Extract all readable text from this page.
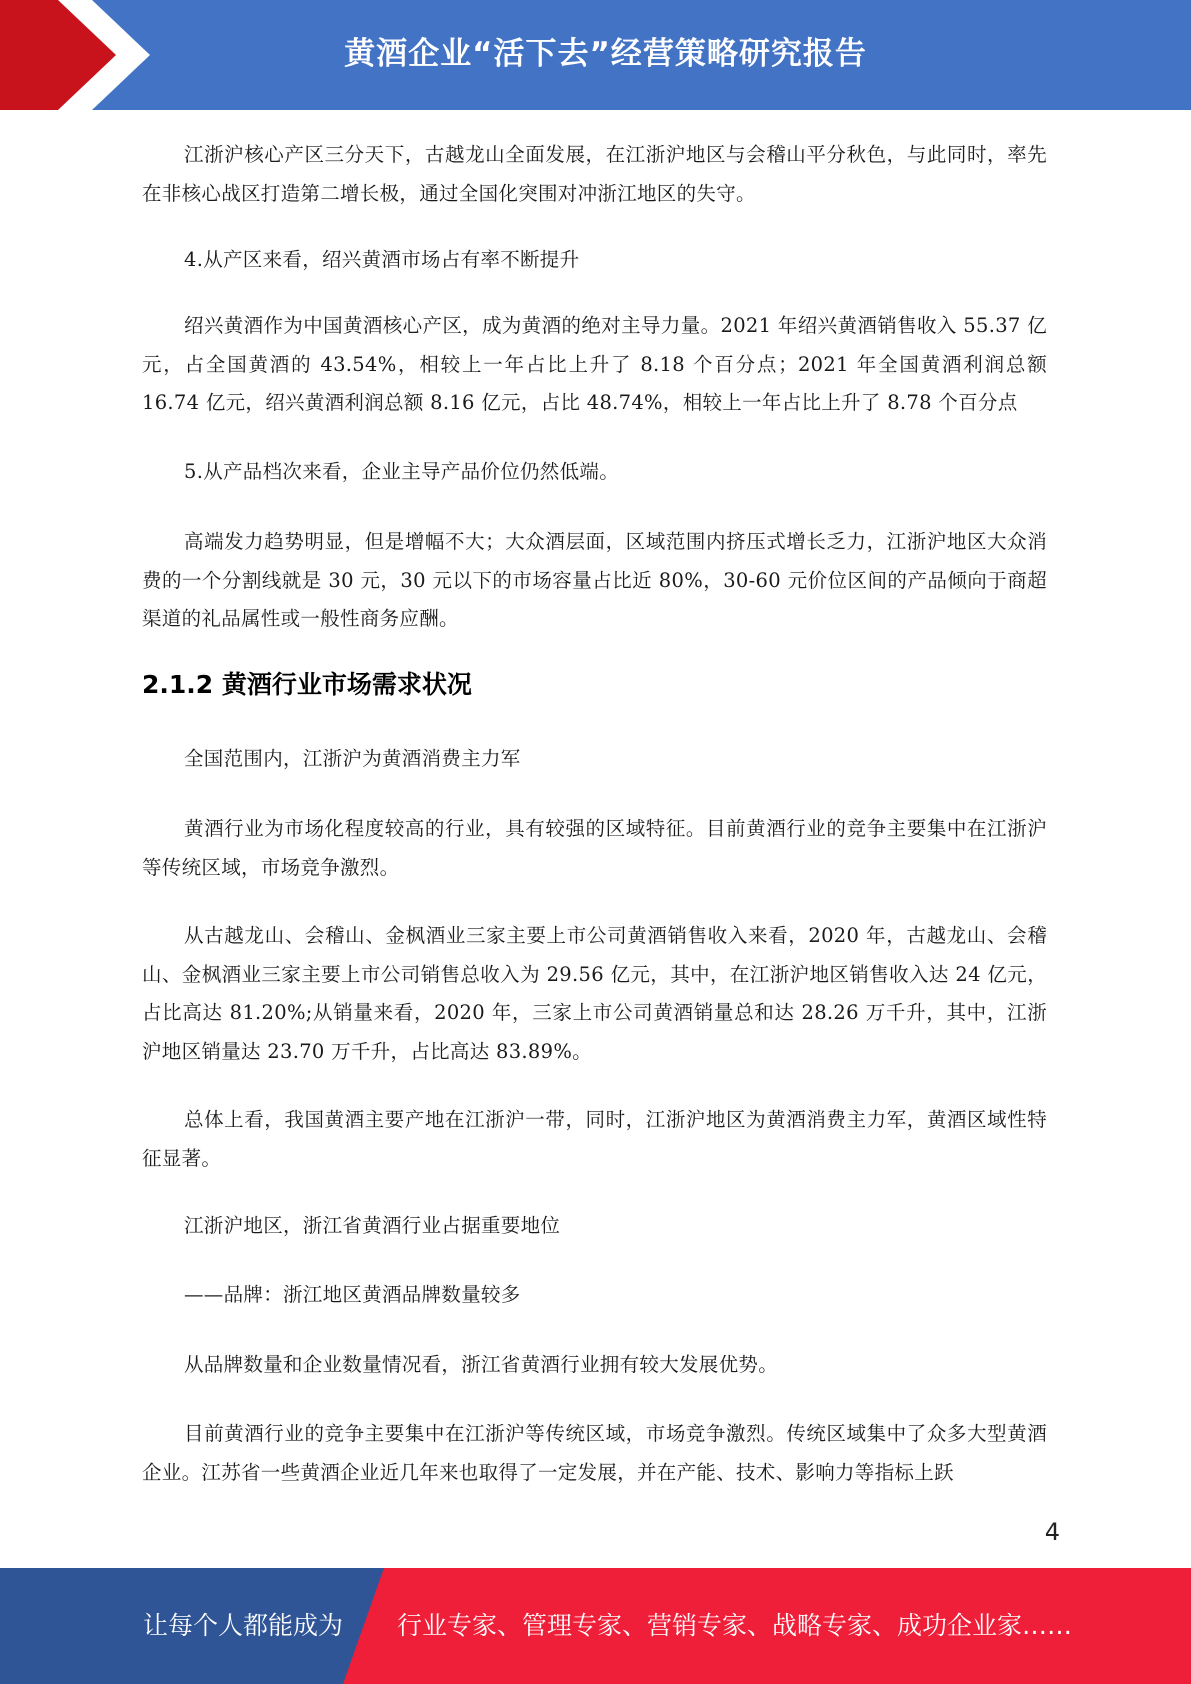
黄酒企业“活下去”经营策略研究报告

江浙沪核心产区三分天下，古越龙山全面发展，在江浙沪地区与会稽山平分秋色，与此同时，率先在非核心战区打造第二增长极，通过全国化突围对冲浙江地区的失守。

4.从产区来看，绍兴黄酒市场占有率不断提升

绍兴黄酒作为中国黄酒核心产区，成为黄酒的绝对主导力量。2021 年绍兴黄酒销售收入 55.37 亿元，占全国黄酒的 43.54%，相较上一年占比上升了 8.18 个百分点；2021 年全国黄酒利润总额 16.74 亿元，绍兴黄酒利润总额 8.16 亿元，占比 48.74%，相较上一年占比上升了 8.78 个百分点

5.从产品档次来看，企业主导产品价位仍然低端。

高端发力趋势明显，但是增幅不大；大众酒层面，区域范围内挤压式增长乏力，江浙沪地区大众消费的一个分割线就是 30 元，30 元以下的市场容量占比近 80%，30-60 元价位区间的产品倾向于商超渠道的礼品属性或一般性商务应酬。

2.1.2 黄酒行业市场需求状况

全国范围内，江浙沪为黄酒消费主力军

黄酒行业为市场化程度较高的行业，具有较强的区域特征。目前黄酒行业的竞争主要集中在江浙沪等传统区域，市场竞争激烈。

从古越龙山、会稽山、金枫酒业三家主要上市公司黄酒销售收入来看，2020 年，古越龙山、会稽山、金枫酒业三家主要上市公司销售总收入为 29.56 亿元，其中，在江浙沪地区销售收入达 24 亿元，占比高达 81.20%;从销量来看，2020 年，三家上市公司黄酒销量总和达 28.26 万千升，其中，江浙沪地区销量达 23.70 万千升，占比高达 83.89%。

总体上看，我国黄酒主要产地在江浙沪一带，同时，江浙沪地区为黄酒消费主力军，黄酒区域性特征显著。

江浙沪地区，浙江省黄酒行业占据重要地位

——品牌：浙江地区黄酒品牌数量较多

从品牌数量和企业数量情况看，浙江省黄酒行业拥有较大发展优势。

目前黄酒行业的竞争主要集中在江浙沪等传统区域，市场竞争激烈。传统区域集中了众多大型黄酒企业。江苏省一些黄酒企业近几年来也取得了一定发展，并在产能、技术、影响力等指标上跃

4
让每个人都能成为 行业专家、管理专家、营销专家、战略专家、成功企业家……
